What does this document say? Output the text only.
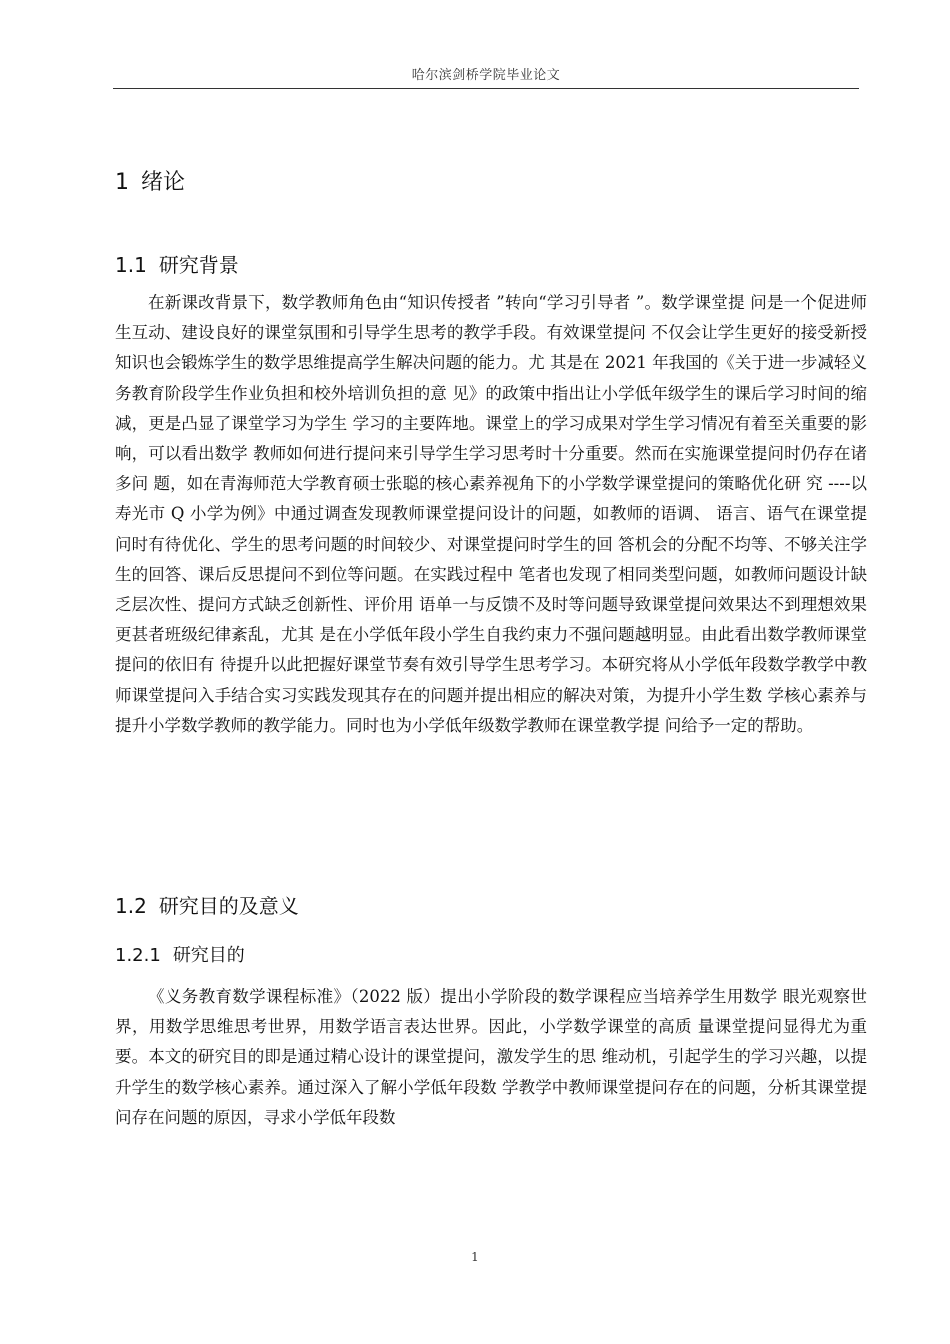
哈尔滨剑桥学院毕业论文
1 绪论
1.1 研究背景

在新课改背景下，数学教师角色由“知识传授者 ”转向“学习引导者 ”。数学课堂提 问是一个促进师生互动、建设良好的课堂氛围和引导学生思考的教学手段。有效课堂提问 不仅会让学生更好的接受新授知识也会锻炼学生的数学思维提高学生解决问题的能力。尤 其是在 2021 年我国的《关于进一步减轻义务教育阶段学生作业负担和校外培训负担的意 见》的政策中指出让小学低年级学生的课后学习时间的缩减，更是凸显了课堂学习为学生 学习的主要阵地。课堂上的学习成果对学生学习情况有着至关重要的影响，可以看出数学 教师如何进行提问来引导学生学习思考时十分重要。然而在实施课堂提问时仍存在诸多问 题，如在青海师范大学教育硕士张聪的核心素养视角下的小学数学课堂提问的策略优化研 究 ----以寿光市 Q 小学为例》中通过调查发现教师课堂提问设计的问题，如教师的语调、 语言、语气在课堂提问时有待优化、学生的思考问题的时间较少、对课堂提问时学生的回 答机会的分配不均等、不够关注学生的回答、课后反思提问不到位等问题。在实践过程中 笔者也发现了相同类型问题，如教师问题设计缺乏层次性、提问方式缺乏创新性、评价用 语单一与反馈不及时等问题导致课堂提问效果达不到理想效果更甚者班级纪律紊乱，尤其 是在小学低年段小学生自我约束力不强问题越明显。由此看出数学教师课堂提问的依旧有 待提升以此把握好课堂节奏有效引导学生思考学习。本研究将从小学低年段数学教学中教 师课堂提问入手结合实习实践发现其存在的问题并提出相应的解决对策，为提升小学生数 学核心素养与提升小学数学教师的教学能力。同时也为小学低年级数学教师在课堂教学提 问给予一定的帮助。

1.2 研究目的及意义
1.2.1 研究目的

《义务教育数学课程标准》（2022 版）提出小学阶段的数学课程应当培养学生用数学 眼光观察世界，用数学思维思考世界，用数学语言表达世界。因此，小学数学课堂的高质 量课堂提问显得尤为重要。本文的研究目的即是通过精心设计的课堂提问，激发学生的思 维动机，引起学生的学习兴趣，以提升学生的数学核心素养。通过深入了解小学低年段数 学教学中教师课堂提问存在的问题，分析其课堂提问存在问题的原因，寻求小学低年段数

1
